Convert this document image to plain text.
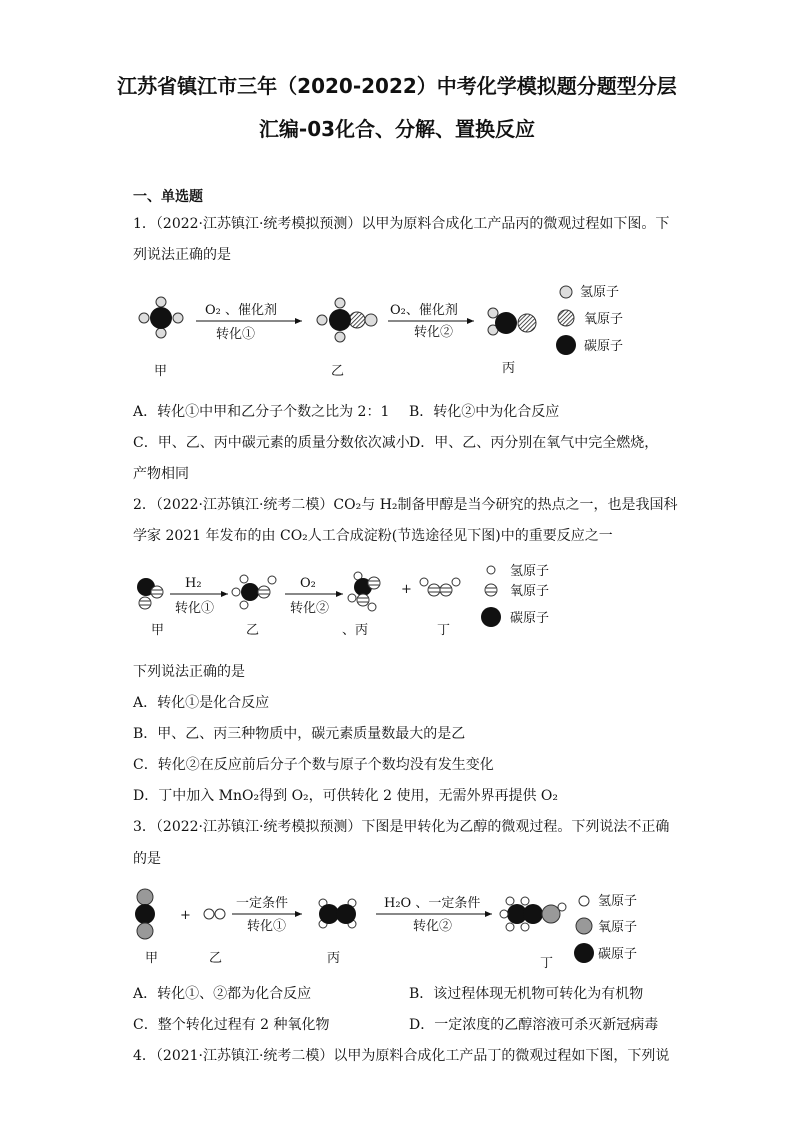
江苏省镇江市三年（2020-2022）中考化学模拟题分题型分层
汇编-03化合、分解、置换反应
一、单选题
1．（2022·江苏镇江·统考模拟预测）以甲为原料合成化工产品丙的微观过程如下图。下
列说法正确的是
O₂ 、催化剂
转化①
O₂、催化剂
转化②
甲	乙	丙
氢原子
氧原子
碳原子
H₂
转化①
O₂
转化②
+
甲	乙	、丙	丁
氢原子
氧原子
碳原子
+
一定条件
转化①
H₂O 、一定条件
转化②
甲	乙	丙	丁
氢原子
氧原子
碳原子
A．转化①中甲和乙分子个数之比为 2：1 B．转化②中为化合反应
C．甲、乙、丙中碳元素的质量分数依次减小 D．甲、乙、丙分别在氧气中完全燃烧，
产物相同
2．（2022·江苏镇江·统考二模）CO₂与 H₂制备甲醇是当今研究的热点之一，也是我国科
学家 2021 年发布的由 CO₂人工合成淀粉(节选途径见下图)中的重要反应之一
下列说法正确的是
A．转化①是化合反应
B．甲、乙、丙三种物质中，碳元素质量数最大的是乙
C．转化②在反应前后分子个数与原子个数均没有发生变化
D．丁中加入 MnO₂得到 O₂，可供转化 2 使用，无需外界再提供 O₂
3．（2022·江苏镇江·统考模拟预测）下图是甲转化为乙醇的微观过程。下列说法不正确
的是
A．转化①、②都为化合反应	B．该过程体现无机物可转化为有机物
C．整个转化过程有 2 种氧化物	D．一定浓度的乙醇溶液可杀灭新冠病毒
4．（2021·江苏镇江·统考二模）以甲为原料合成化工产品丁的微观过程如下图，下列说
